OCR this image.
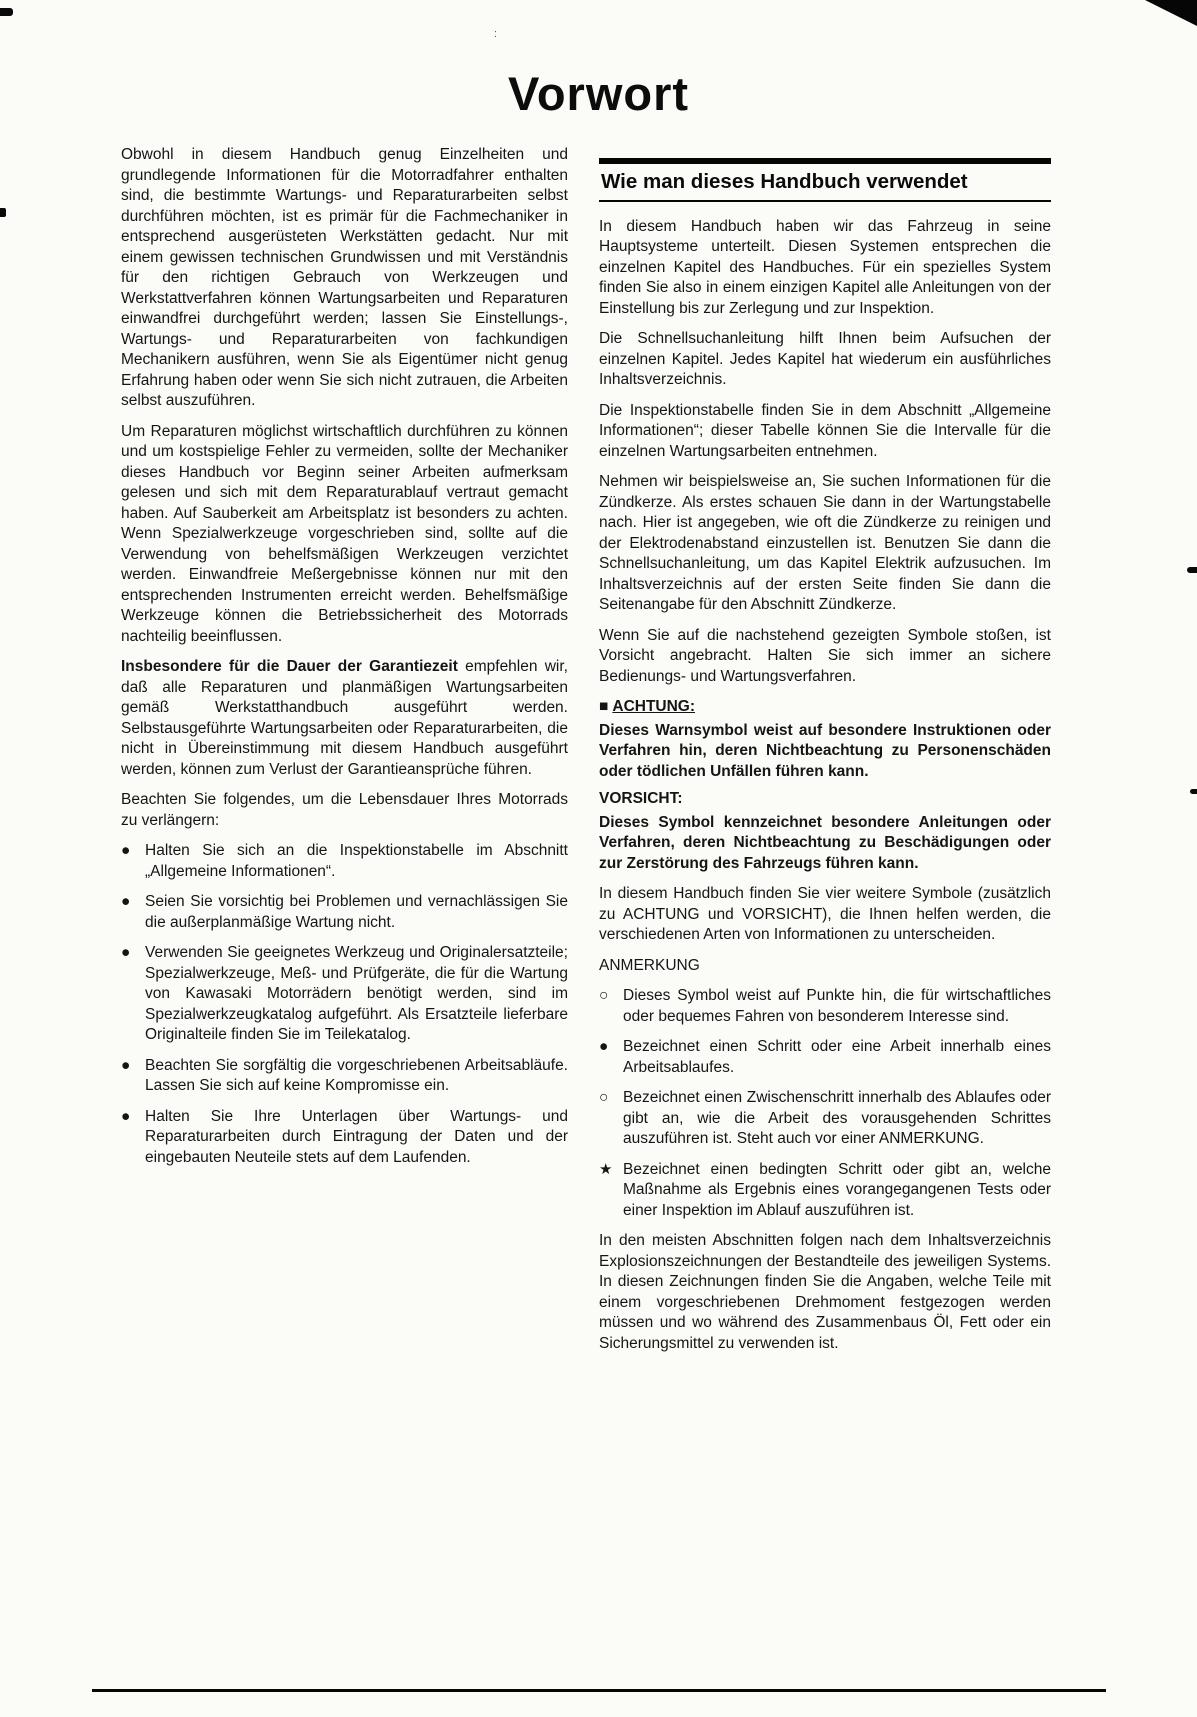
:
Vorwort

Obwohl in diesem Handbuch genug Einzelheiten und grundlegende Informationen für die Motorradfahrer enthalten sind, die bestimmte Wartungs- und Reparaturarbeiten selbst durchführen möchten, ist es primär für die Fachmechaniker in entsprechend ausgerüsteten Werkstätten gedacht. Nur mit einem gewissen technischen Grundwissen und mit Verständnis für den richtigen Gebrauch von Werkzeugen und Werkstattverfahren können Wartungsarbeiten und Reparaturen einwandfrei durchgeführt werden; lassen Sie Einstellungs-, Wartungs- und Reparaturarbeiten von fachkundigen Mechanikern ausführen, wenn Sie als Eigentümer nicht genug Erfahrung haben oder wenn Sie sich nicht zutrauen, die Arbeiten selbst auszuführen.

Um Reparaturen möglichst wirtschaftlich durchführen zu können und um kostspielige Fehler zu vermeiden, sollte der Mechaniker dieses Handbuch vor Beginn seiner Arbeiten aufmerksam gelesen und sich mit dem Reparaturablauf vertraut gemacht haben. Auf Sauberkeit am Arbeitsplatz ist besonders zu achten. Wenn Spezialwerkzeuge vorgeschrieben sind, sollte auf die Verwendung von behelfsmäßigen Werkzeugen verzichtet werden. Einwandfreie Meßergebnisse können nur mit den entsprechenden Instrumenten erreicht werden. Behelfsmäßige Werkzeuge können die Betriebssicherheit des Motorrads nachteilig beeinflussen.

Insbesondere für die Dauer der Garantiezeit empfehlen wir, daß alle Reparaturen und planmäßigen Wartungsarbeiten gemäß Werkstatthandbuch ausgeführt werden. Selbstausgeführte Wartungsarbeiten oder Reparaturarbeiten, die nicht in Übereinstimmung mit diesem Handbuch ausgeführt werden, können zum Verlust der Garantieansprüche führen.

Beachten Sie folgendes, um die Lebensdauer Ihres Motorrads zu verlängern:

● Halten Sie sich an die Inspektionstabelle im Abschnitt „Allgemeine Informationen“.
● Seien Sie vorsichtig bei Problemen und vernachlässigen Sie die außerplanmäßige Wartung nicht.
● Verwenden Sie geeignetes Werkzeug und Originalersatzteile; Spezialwerkzeuge, Meß- und Prüfgeräte, die für die Wartung von Kawasaki Motorrädern benötigt werden, sind im Spezialwerkzeugkatalog aufgeführt. Als Ersatzteile lieferbare Originalteile finden Sie im Teilekatalog.
● Beachten Sie sorgfältig die vorgeschriebenen Arbeitsabläufe. Lassen Sie sich auf keine Kompromisse ein.
● Halten Sie Ihre Unterlagen über Wartungs- und Reparaturarbeiten durch Eintragung der Daten und der eingebauten Neuteile stets auf dem Laufenden.
Wie man dieses Handbuch verwendet

In diesem Handbuch haben wir das Fahrzeug in seine Hauptsysteme unterteilt. Diesen Systemen entsprechen die einzelnen Kapitel des Handbuches. Für ein spezielles System finden Sie also in einem einzigen Kapitel alle Anleitungen von der Einstellung bis zur Zerlegung und zur Inspektion.

Die Schnellsuchanleitung hilft Ihnen beim Aufsuchen der einzelnen Kapitel. Jedes Kapitel hat wiederum ein ausführliches Inhaltsverzeichnis.

Die Inspektionstabelle finden Sie in dem Abschnitt „Allgemeine Informationen“; dieser Tabelle können Sie die Intervalle für die einzelnen Wartungsarbeiten entnehmen.

Nehmen wir beispielsweise an, Sie suchen Informationen für die Zündkerze. Als erstes schauen Sie dann in der Wartungstabelle nach. Hier ist angegeben, wie oft die Zündkerze zu reinigen und der Elektrodenabstand einzustellen ist. Benutzen Sie dann die Schnellsuchanleitung, um das Kapitel Elektrik aufzusuchen. Im Inhaltsverzeichnis auf der ersten Seite finden Sie dann die Seitenangabe für den Abschnitt Zündkerze.

Wenn Sie auf die nachstehend gezeigten Symbole stoßen, ist Vorsicht angebracht. Halten Sie sich immer an sichere Bedienungs- und Wartungsverfahren.

■ ACHTUNG:

Dieses Warnsymbol weist auf besondere Instruktionen oder Verfahren hin, deren Nichtbeachtung zu Personenschäden oder tödlichen Unfällen führen kann.

VORSICHT:

Dieses Symbol kennzeichnet besondere Anleitungen oder Verfahren, deren Nichtbeachtung zu Beschädigungen oder zur Zerstörung des Fahrzeugs führen kann.

In diesem Handbuch finden Sie vier weitere Symbole (zusätzlich zu ACHTUNG und VORSICHT), die Ihnen helfen werden, die verschiedenen Arten von Informationen zu unterscheiden.

ANMERKUNG

○ Dieses Symbol weist auf Punkte hin, die für wirtschaftliches oder bequemes Fahren von besonderem Interesse sind.
● Bezeichnet einen Schritt oder eine Arbeit innerhalb eines Arbeitsablaufes.
○ Bezeichnet einen Zwischenschritt innerhalb des Ablaufes oder gibt an, wie die Arbeit des vorausgehenden Schrittes auszuführen ist. Steht auch vor einer ANMERKUNG.
★ Bezeichnet einen bedingten Schritt oder gibt an, welche Maßnahme als Ergebnis eines vorangegangenen Tests oder einer Inspektion im Ablauf auszuführen ist.

In den meisten Abschnitten folgen nach dem Inhaltsverzeichnis Explosionszeichnungen der Bestandteile des jeweiligen Systems. In diesen Zeichnungen finden Sie die Angaben, welche Teile mit einem vorgeschriebenen Drehmoment festgezogen werden müssen und wo während des Zusammenbaus Öl, Fett oder ein Sicherungsmittel zu verwenden ist.
